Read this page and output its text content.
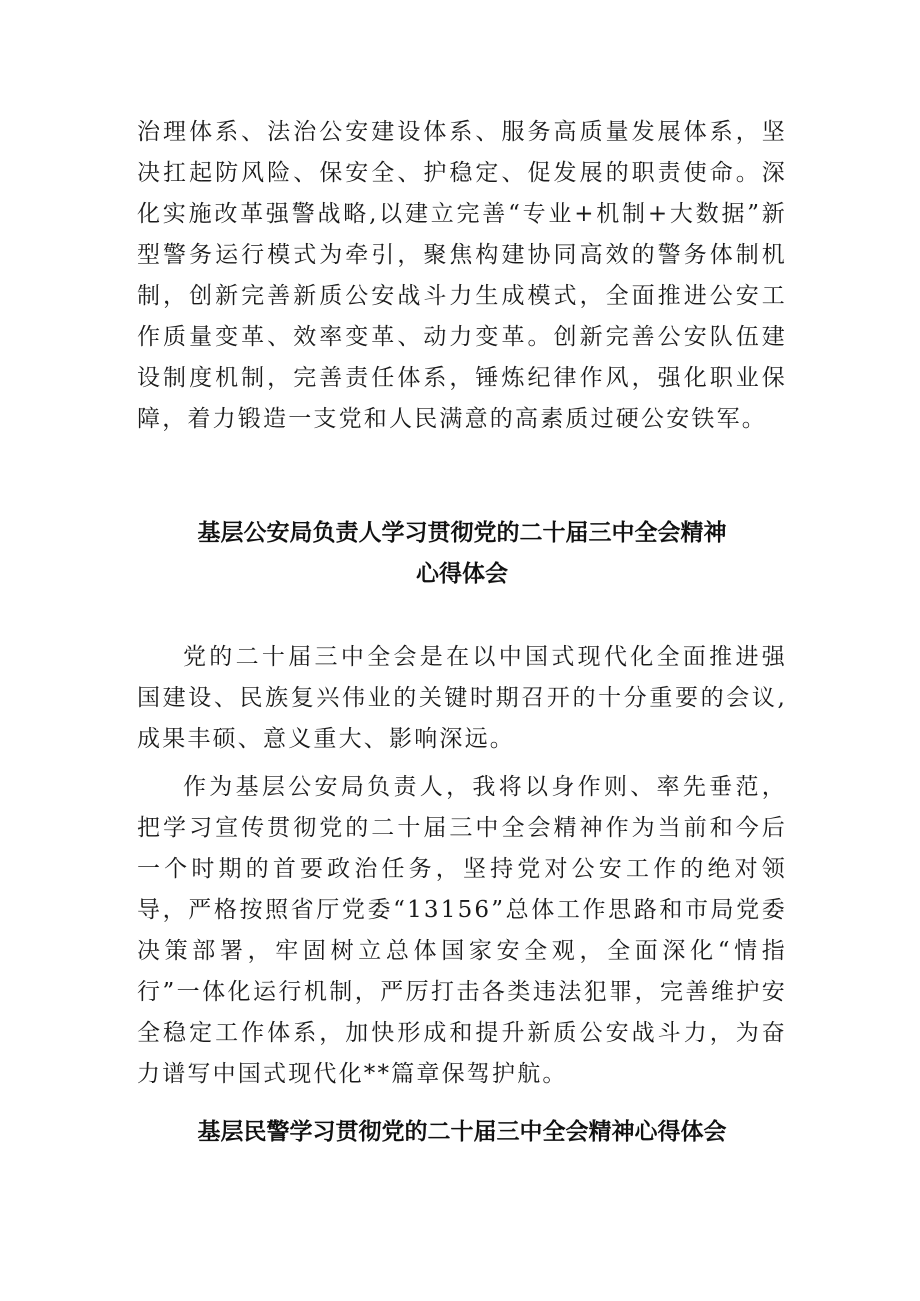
治理体系、法治公安建设体系、服务高质量发展体系，坚决扛起防风险、保安全、护稳定、促发展的职责使命。深化实施改革强警战略,以建立完善“专业+机制+大数据”新型警务运行模式为牵引，聚焦构建协同高效的警务体制机制，创新完善新质公安战斗力生成模式，全面推进公安工作质量变革、效率变革、动力变革。创新完善公安队伍建设制度机制，完善责任体系，锤炼纪律作风，强化职业保障，着力锻造一支党和人民满意的高素质过硬公安铁军。

基层公安局负责人学习贯彻党的二十届三中全会精神
心得体会

党的二十届三中全会是在以中国式现代化全面推进强国建设、民族复兴伟业的关键时期召开的十分重要的会议,成果丰硕、意义重大、影响深远。

作为基层公安局负责人，我将以身作则、率先垂范，把学习宣传贯彻党的二十届三中全会精神作为当前和今后一个时期的首要政治任务，坚持党对公安工作的绝对领导，严格按照省厅党委“13156”总体工作思路和市局党委决策部署，牢固树立总体国家安全观，全面深化“情指行”一体化运行机制，严厉打击各类违法犯罪，完善维护安全稳定工作体系，加快形成和提升新质公安战斗力，为奋力谱写中国式现代化**篇章保驾护航。

基层民警学习贯彻党的二十届三中全会精神心得体会
